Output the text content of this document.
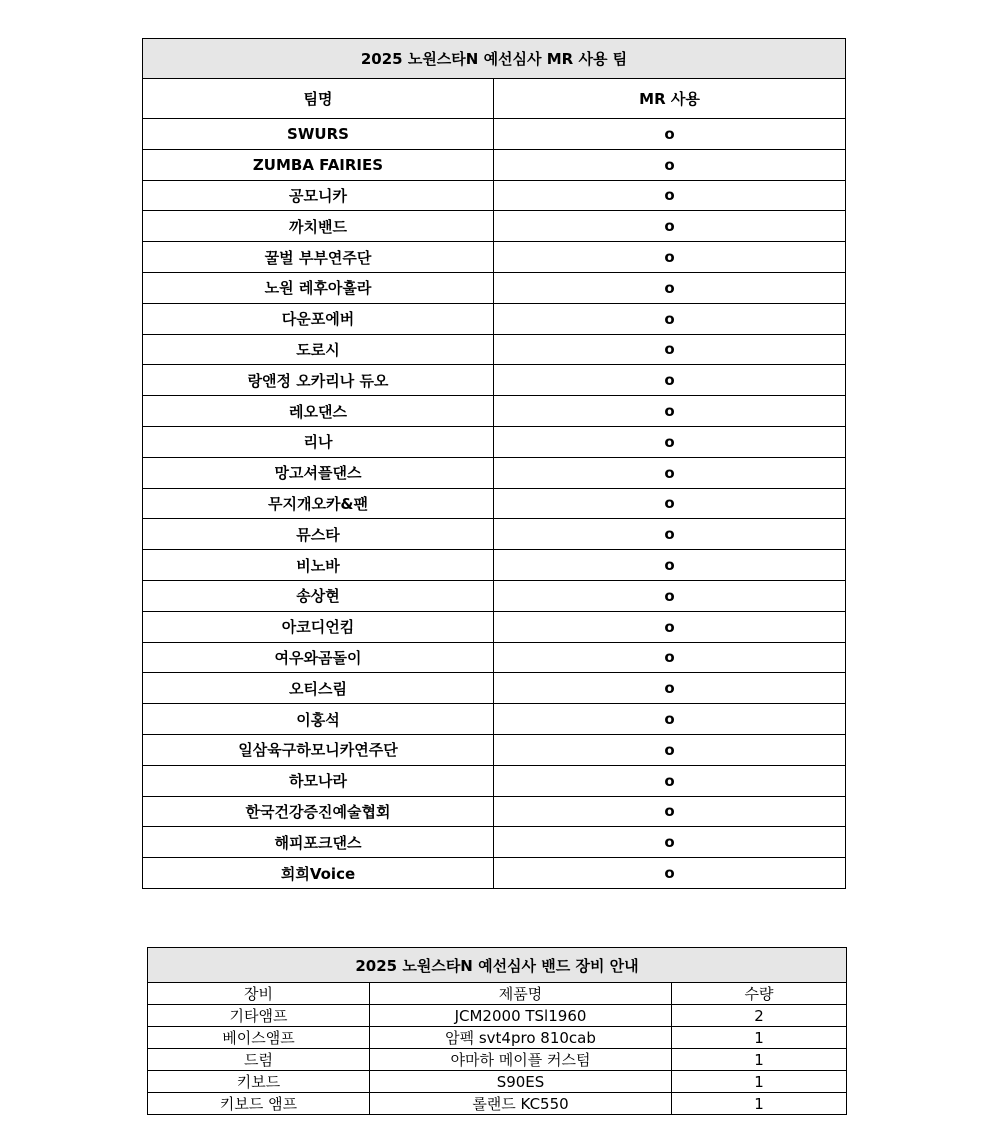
2025 노원스타N 예선심사 MR 사용 팀	
팀명	MR 사용
SWURS	o
ZUMBA FAIRIES	o
공모니카	o
까치밴드	o
꿀벌 부부연주단	o
노원 레후아훌라	o
다운포에버	o
도로시	o
랑앤정 오카리나 듀오	o
레오댄스	o
리나	o
망고셔플댄스	o
무지개오카&팬	o
뮤스타	o
비노바	o
송상현	o
아코디언킴	o
여우와곰돌이	o
오티스림	o
이홍석	o
일삼육구하모니카연주단	o
하모나라	o
한국건강증진예술협회	o
해피포크댄스	o
희희Voice	o
2025 노원스타N 예선심사 밴드 장비 안내		
장비	제품명	수량
기타앰프	JCM2000 TSl1960	2
베이스앰프	암펙 svt4pro 810cab	1
드럼	야마하 메이플 커스텀	1
키보드	S90ES	1
키보드 앰프	롤랜드 KC550	1
